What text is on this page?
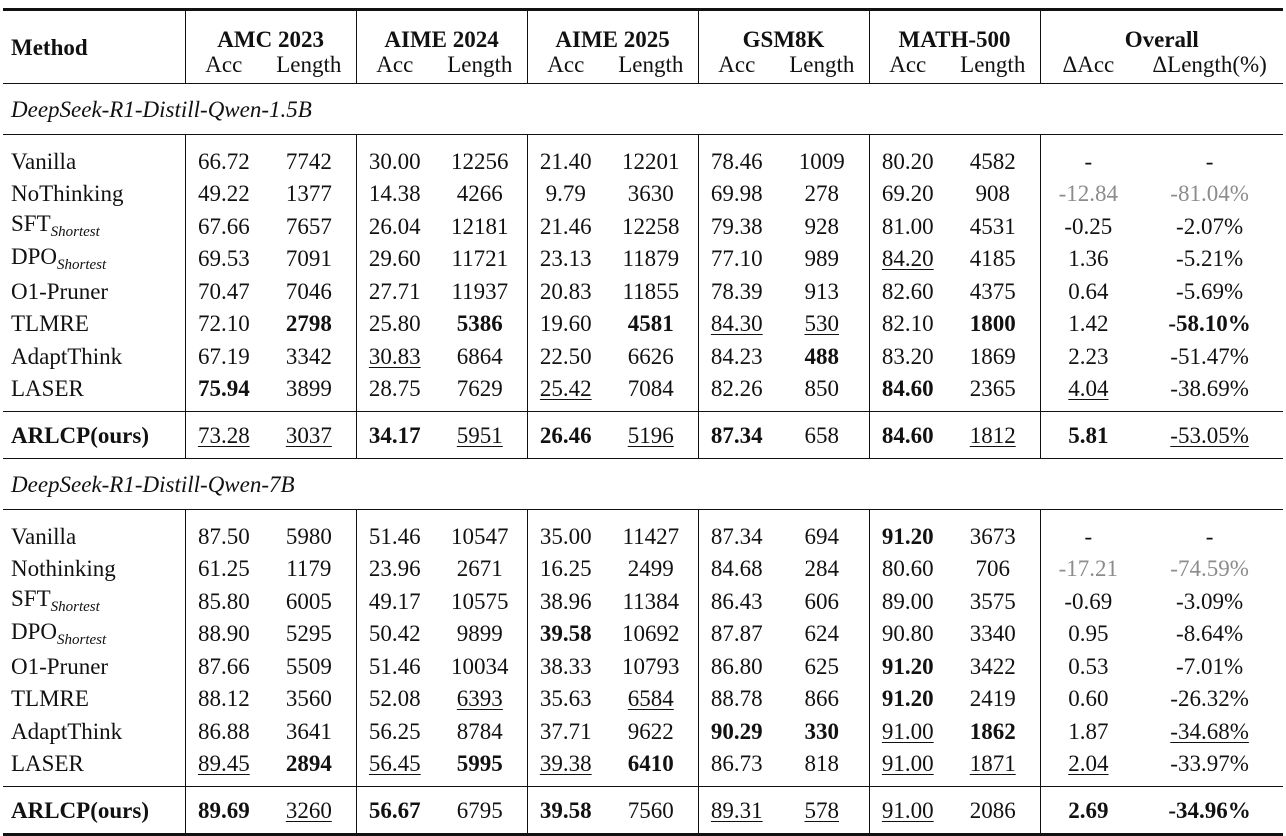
Method	AMC 2023		AIME 2024		AIME 2025		GSM8K		MATH-500		Overall	
	Acc	Length	Acc	Length	Acc	Length	Acc	Length	Acc	Length	ΔAcc	ΔLength(%)
DeepSeek-R1-Distill-Qwen-1.5B												
Vanilla	66.72	7742	30.00	12256	21.40	12201	78.46	1009	80.20	4582	-	-
NoThinking	49.22	1377	14.38	4266	9.79	3630	69.98	278	69.20	908	-12.84	-81.04%
$SFT_{Shortest}$	67.66	7657	26.04	12181	21.46	12258	79.38	928	81.00	4531	-0.25	-2.07%
$DPO_{Shortest}$	69.53	7091	29.60	11721	23.13	11879	77.10	989	84.20	4185	1.36	-5.21%
O1-Pruner	70.47	7046	27.71	11937	20.83	11855	78.39	913	82.60	4375	0.64	-5.69%
TLMRE	72.10	2798	25.80	5386	19.60	4581	84.30	530	82.10	1800	1.42	-58.10%
AdaptThink	67.19	3342	30.83	6864	22.50	6626	84.23	488	83.20	1869	2.23	-51.47%
LASER	75.94	3899	28.75	7629	25.42	7084	82.26	850	84.60	2365	4.04	-38.69%
ARLCP(ours)	73.28	3037	34.17	5951	26.46	5196	87.34	658	84.60	1812	5.81	-53.05%
DeepSeek-R1-Distill-Qwen-7B												
Vanilla	87.50	5980	51.46	10547	35.00	11427	87.34	694	91.20	3673	-	-
Nothinking	61.25	1179	23.96	2671	16.25	2499	84.68	284	80.60	706	-17.21	-74.59%
$SFT_{Shortest}$	85.80	6005	49.17	10575	38.96	11384	86.43	606	89.00	3575	-0.69	-3.09%
$DPO_{Shortest}$	88.90	5295	50.42	9899	39.58	10692	87.87	624	90.80	3340	0.95	-8.64%
O1-Pruner	87.66	5509	51.46	10034	38.33	10793	86.80	625	91.20	3422	0.53	-7.01%
TLMRE	88.12	3560	52.08	6393	35.63	6584	88.78	866	91.20	2419	0.60	-26.32%
AdaptThink	86.88	3641	56.25	8784	37.71	9622	90.29	330	91.00	1862	1.87	-34.68%
LASER	89.45	2894	56.45	5995	39.38	6410	86.73	818	91.00	1871	2.04	-33.97%
ARLCP(ours)	89.69	3260	56.67	6795	39.58	7560	89.31	578	91.00	2086	2.69	-34.96%
